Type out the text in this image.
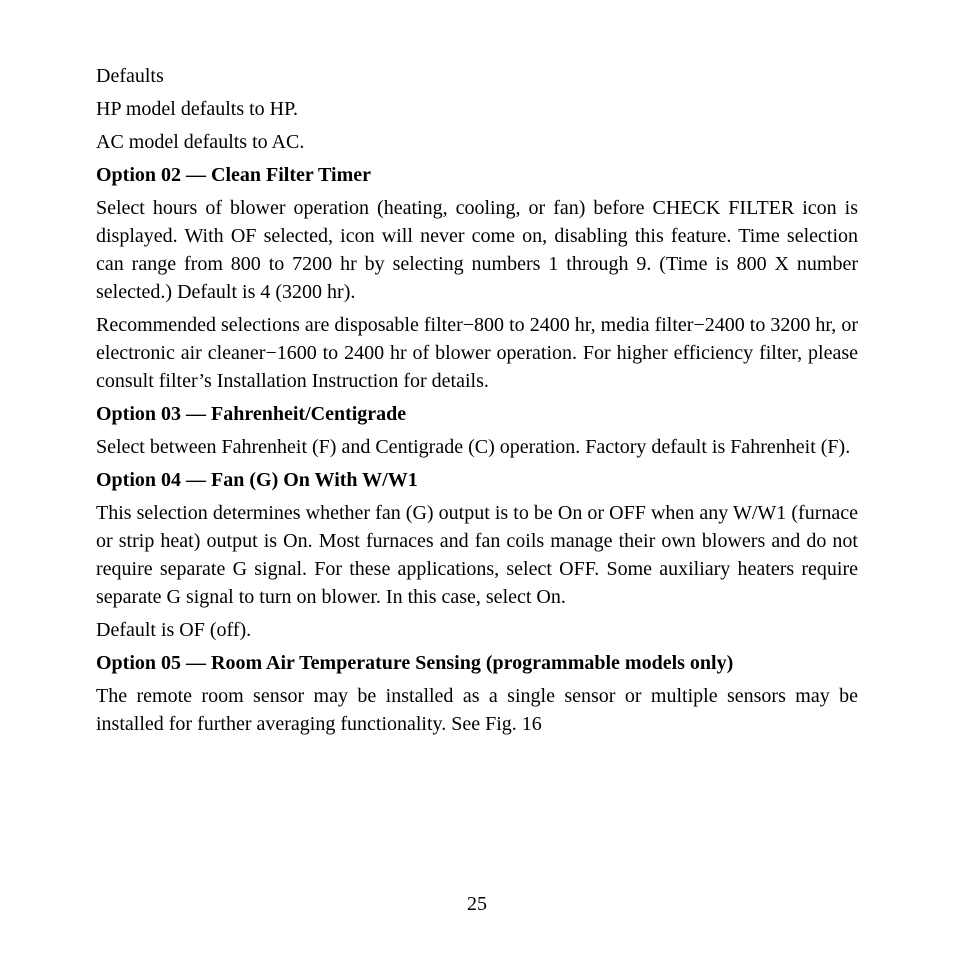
Defaults

HP model defaults to HP.

AC model defaults to AC.

Option 02 — Clean Filter Timer

Select hours of blower operation (heating, cooling, or fan) before CHECK FILTER icon is displayed. With OF selected, icon will never come on, disabling this feature. Time selection can range from 800 to 7200 hr by selecting numbers 1 through 9. (Time is 800 X number selected.) Default is 4 (3200 hr).

Recommended selections are disposable filter−800 to 2400 hr, media filter−2400 to 3200 hr, or electronic air cleaner−1600 to 2400 hr of blower operation. For higher efficiency filter, please consult filter’s Installation Instruction for details.

Option 03 — Fahrenheit/Centigrade

Select between Fahrenheit (F) and Centigrade (C) operation. Factory default is Fahrenheit (F).

Option 04 — Fan (G) On With W/W1

This selection determines whether fan (G) output is to be On or OFF when any W/W1 (furnace or strip heat) output is On. Most furnaces and fan coils manage their own blowers and do not require separate G signal. For these applications, select OFF. Some auxiliary heaters require separate G signal to turn on blower. In this case, select On.

Default is OF (off).

Option 05 — Room Air Temperature Sensing (programmable models only)

The remote room sensor may be installed as a single sensor or multiple sensors may be installed for further averaging functionality. See Fig. 16

25
